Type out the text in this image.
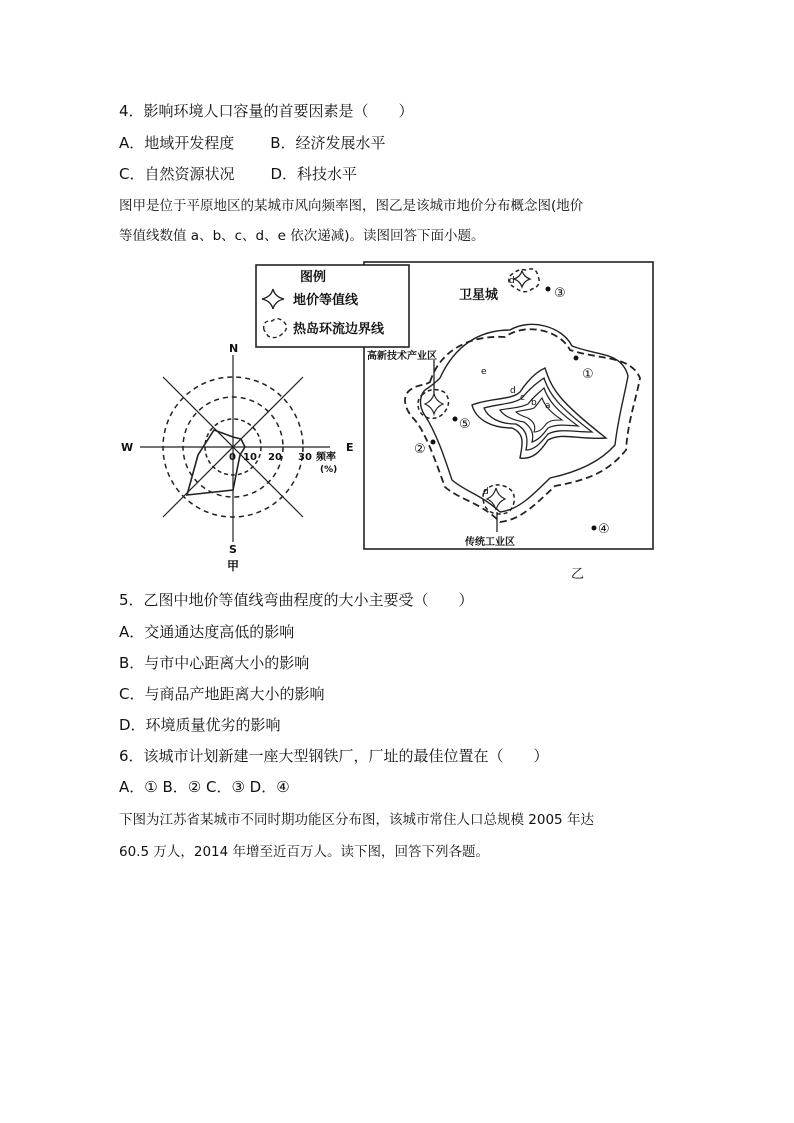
4．影响环境人口容量的首要因素是（　　）
A．地域开发程度 B．经济发展水平
C．自然资源状况 D．科技水平
图甲是位于平原地区的某城市风向频率图，图乙是该城市地价分布概念图(地价
等值线数值 a、b、c、d、e 依次递减)。读图回答下面小题。
N
S
W	E
0 10 20 30 频率
(%)
甲
图例
地价等值线
热岛环流边界线
卫星城
d
③
a
b
c
d
e
高新技术产业区
⑤
②
d
传统工业区
①
④
乙
5．乙图中地价等值线弯曲程度的大小主要受（　　）
A．交通通达度高低的影响
B．与市中心距离大小的影响
C．与商品产地距离大小的影响
D．环境质量优劣的影响
6．该城市计划新建一座大型钢铁厂，厂址的最佳位置在（　　）
A．① B．② C．③ D．④
下图为江苏省某城市不同时期功能区分布图，该城市常住人口总规模 2005 年达
60.5 万人，2014 年增至近百万人。读下图，回答下列各题。
